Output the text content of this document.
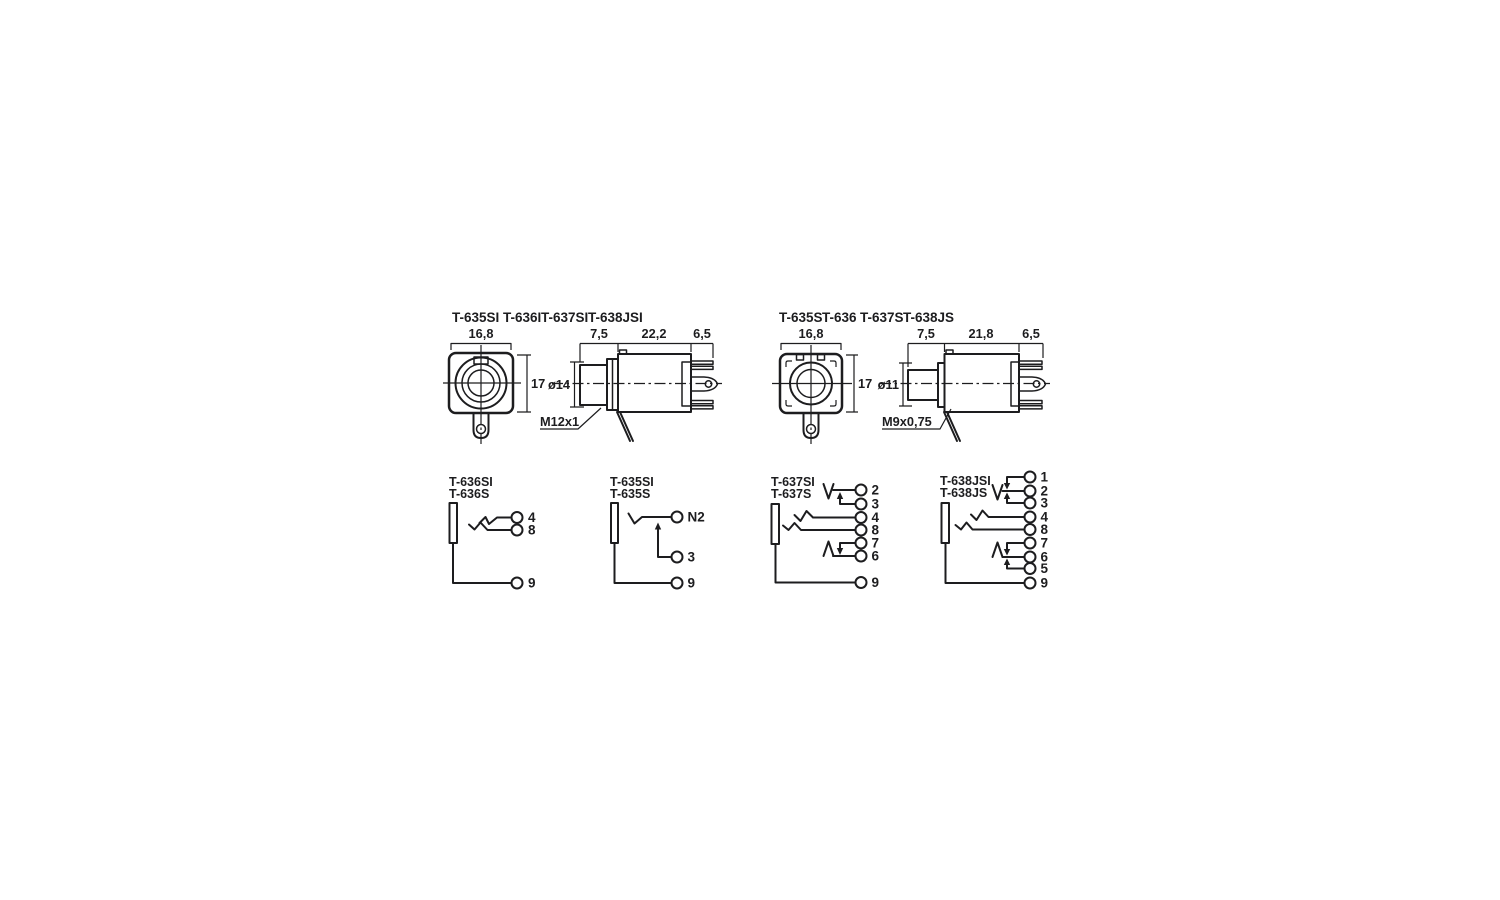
T-635SI T-636I T-637SI T-638JSI
16,8
17
7,5	22,2 6,5
ø14
M12x1
T-635S T-636 T-637S T-638JS
16,8
17
7,5	21,8 6,5
ø11
M9x0,75
T-636SI
T-636S
4
8
9
T-635SI
T-635S
N2
3
9
T-637SI
T-637S	2
3
4
8
7
6
9
T-638JSI
T-638JS
1
2
3
4
8
7
6
5
9
